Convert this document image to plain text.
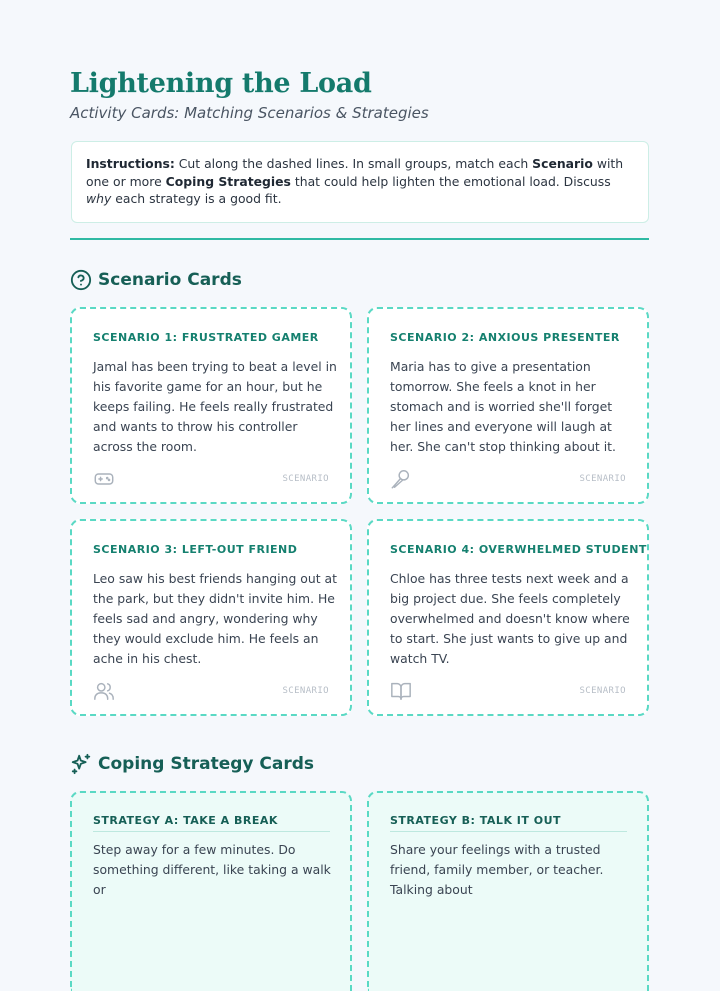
Lightening the Load

Activity Cards: Matching Scenarios & Strategies

Instructions: Cut along the dashed lines. In small groups, match each Scenario with one or more Coping Strategies that could help lighten the emotional load. Discuss why each strategy is a good fit.
Scenario Cards
SCENARIO 1: FRUSTRATED GAMER

Jamal has been trying to beat a level in his favorite game for an hour, but he keeps failing. He feels really frustrated and wants to throw his controller across the room.

SCENARIO
SCENARIO 2: ANXIOUS PRESENTER

Maria has to give a presentation tomorrow. She feels a knot in her stomach and is worried she'll forget her lines and everyone will laugh at her. She can't stop thinking about it.

SCENARIO
SCENARIO 3: LEFT-OUT FRIEND

Leo saw his best friends hanging out at the park, but they didn't invite him. He feels sad and angry, wondering why they would exclude him. He feels an ache in his chest.

SCENARIO
SCENARIO 4: OVERWHELMED STUDENT

Chloe has three tests next week and a big project due. She feels completely overwhelmed and doesn't know where to start. She just wants to give up and watch TV.

SCENARIO
Coping Strategy Cards
STRATEGY A: TAKE A BREAK

Step away for a few minutes. Do something different, like taking a walk or

STRATEGY B: TALK IT OUT

Share your feelings with a trusted friend, family member, or teacher. Talking about
